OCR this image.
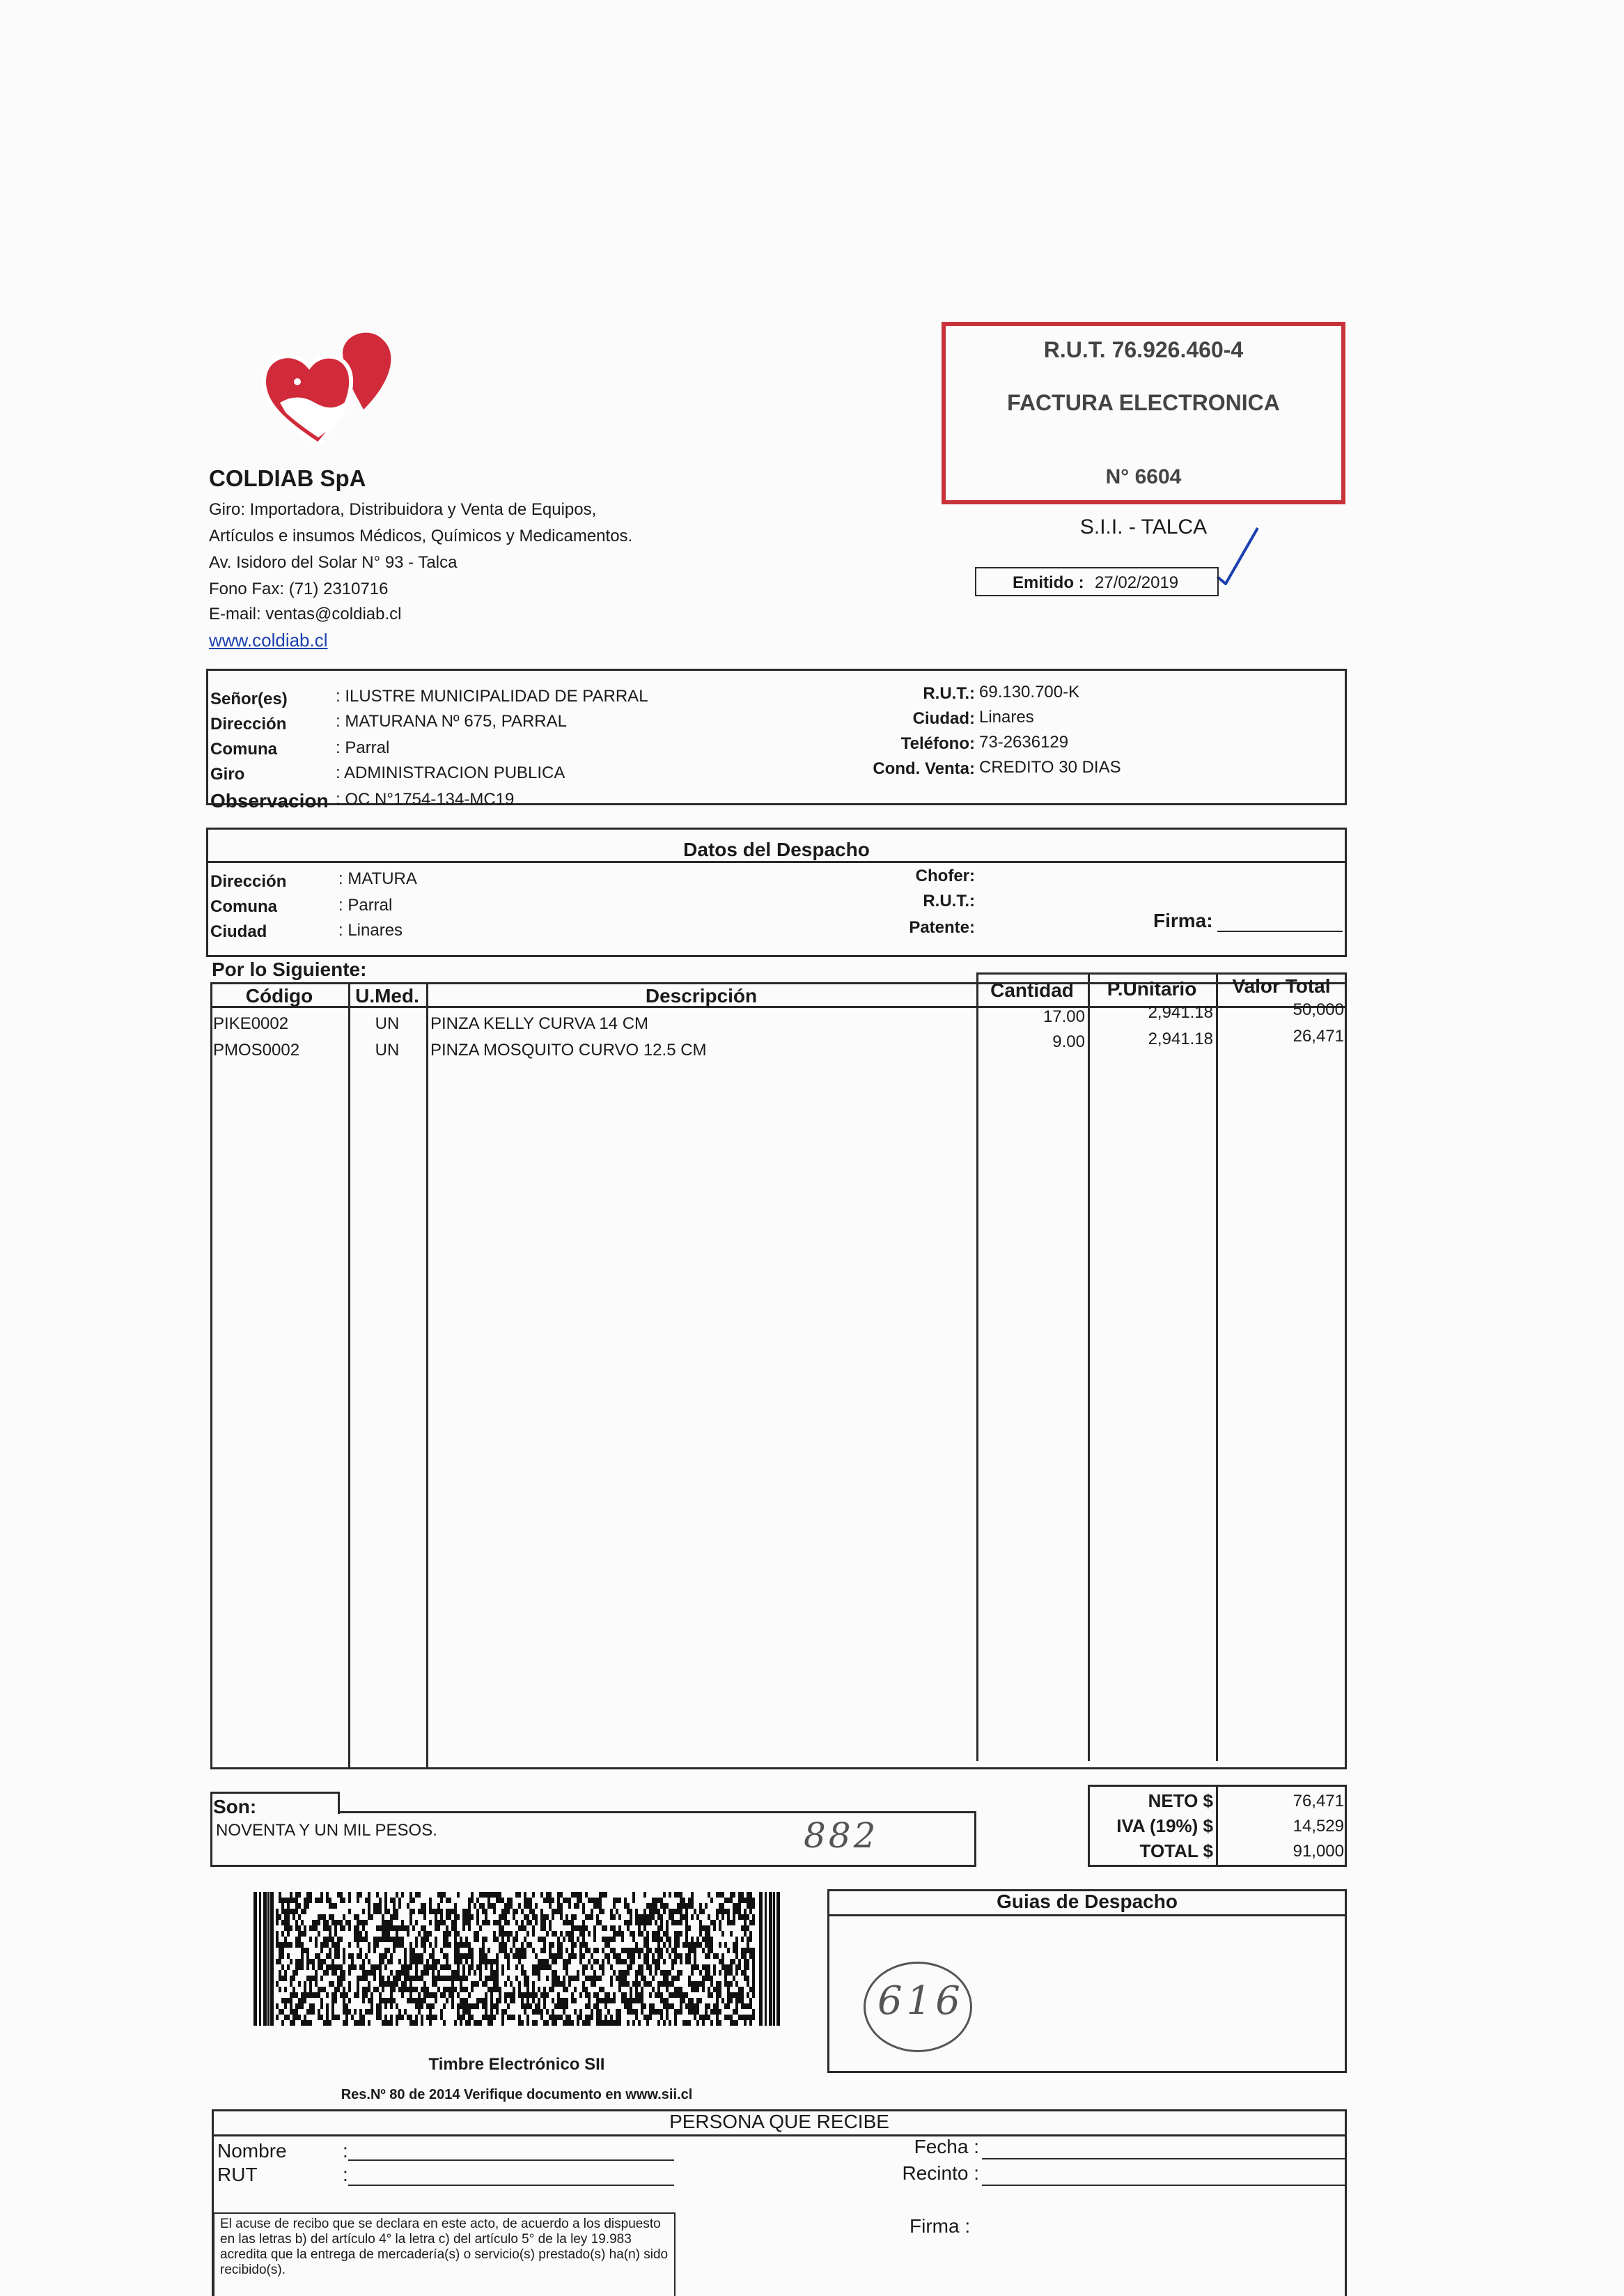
COLDIAB SpA
Giro: Importadora, Distribuidora y Venta de Equipos,
Artículos e insumos Médicos, Químicos y Medicamentos.
Av. Isidoro del Solar N° 93 - Talca
Fono Fax: (71) 2310716
E-mail: ventas@coldiab.cl
www.coldiab.cl
R.U.T. 76.926.460-4
FACTURA ELECTRONICA
N° 6604
S.I.I. - TALCA
Emitido : 27/02/2019
Señor(es)	: ILUSTRE MUNICIPALIDAD DE PARRAL
Dirección	: MATURANA Nº 675, PARRAL
Comuna	: Parral
Giro	: ADMINISTRACION PUBLICA
Observacion : OC N°1754-134-MC19
R.U.T.: 69.130.700-K
Ciudad: Linares
Teléfono: 73-2636129
Cond. Venta: CREDITO 30 DIAS
Datos del Despacho
Dirección	: MATURA
Comuna	: Parral
Ciudad	: Linares
Chofer:
R.U.T.:
Patente:	Firma:
Por lo Siguiente:
Código	U.Med.	Descripción	Cantidad	P.Unitario	Valor Total
PIKE0002	UN	PINZA KELLY CURVA 14 CM	17.00	2,941.18	50,000
PMOS0002	UN	PINZA MOSQUITO CURVO 12.5 CM	9.00	2,941.18	26,471
Son:
NOVENTA Y UN MIL PESOS.	882
NETO $	76,471
IVA (19%) $	14,529
TOTAL $	91,000
Timbre Electrónico SII
Res.Nº 80 de 2014 Verifique documento en www.sii.cl
Guias de Despacho
616
PERSONA QUE RECIBE
Nombre	:
RUT	:
Fecha :
Recinto :
Firma :
El acuse de recibo que se declara en este acto, de acuerdo a los dispuesto en las letras b) del artículo 4° la letra c) del artículo 5° de la ley 19.983 acredita que la entrega de mercadería(s) o servicio(s) prestado(s) ha(n) sido recibido(s).
